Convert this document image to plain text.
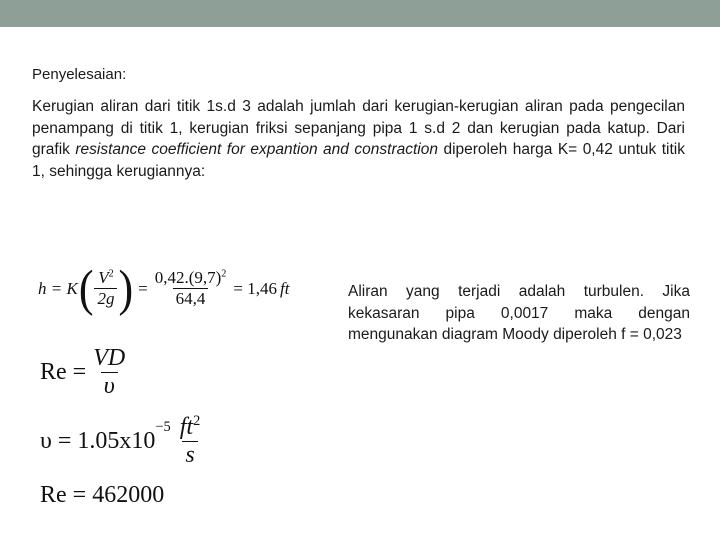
Penyelesaian:
Kerugian aliran dari titik 1s.d 3 adalah jumlah dari kerugian-kerugian aliran pada pengecilan penampang di titik 1, kerugian friksi sepanjang pipa 1 s.d 2 dan kerugian pada katup. Dari grafik resistance coefficient for expantion and constraction diperoleh harga K= 0,42 untuk titik 1, sehingga kerugiannya:
h = K ( $\frac{V^2}{2g}$ ) = $\frac{0,42.(9,7)^2}{64,4} = 1,46$ ft
$Re = \frac{VD}{\upsilon}$
υ = 1.05x10
$^{-5} \frac{ft^2}{s}$
Re = 462000
Aliran yang terjadi adalah turbulen. Jika kekasaran pipa 0,0017 maka dengan mengunakan diagram Moody diperoleh f = 0,023
